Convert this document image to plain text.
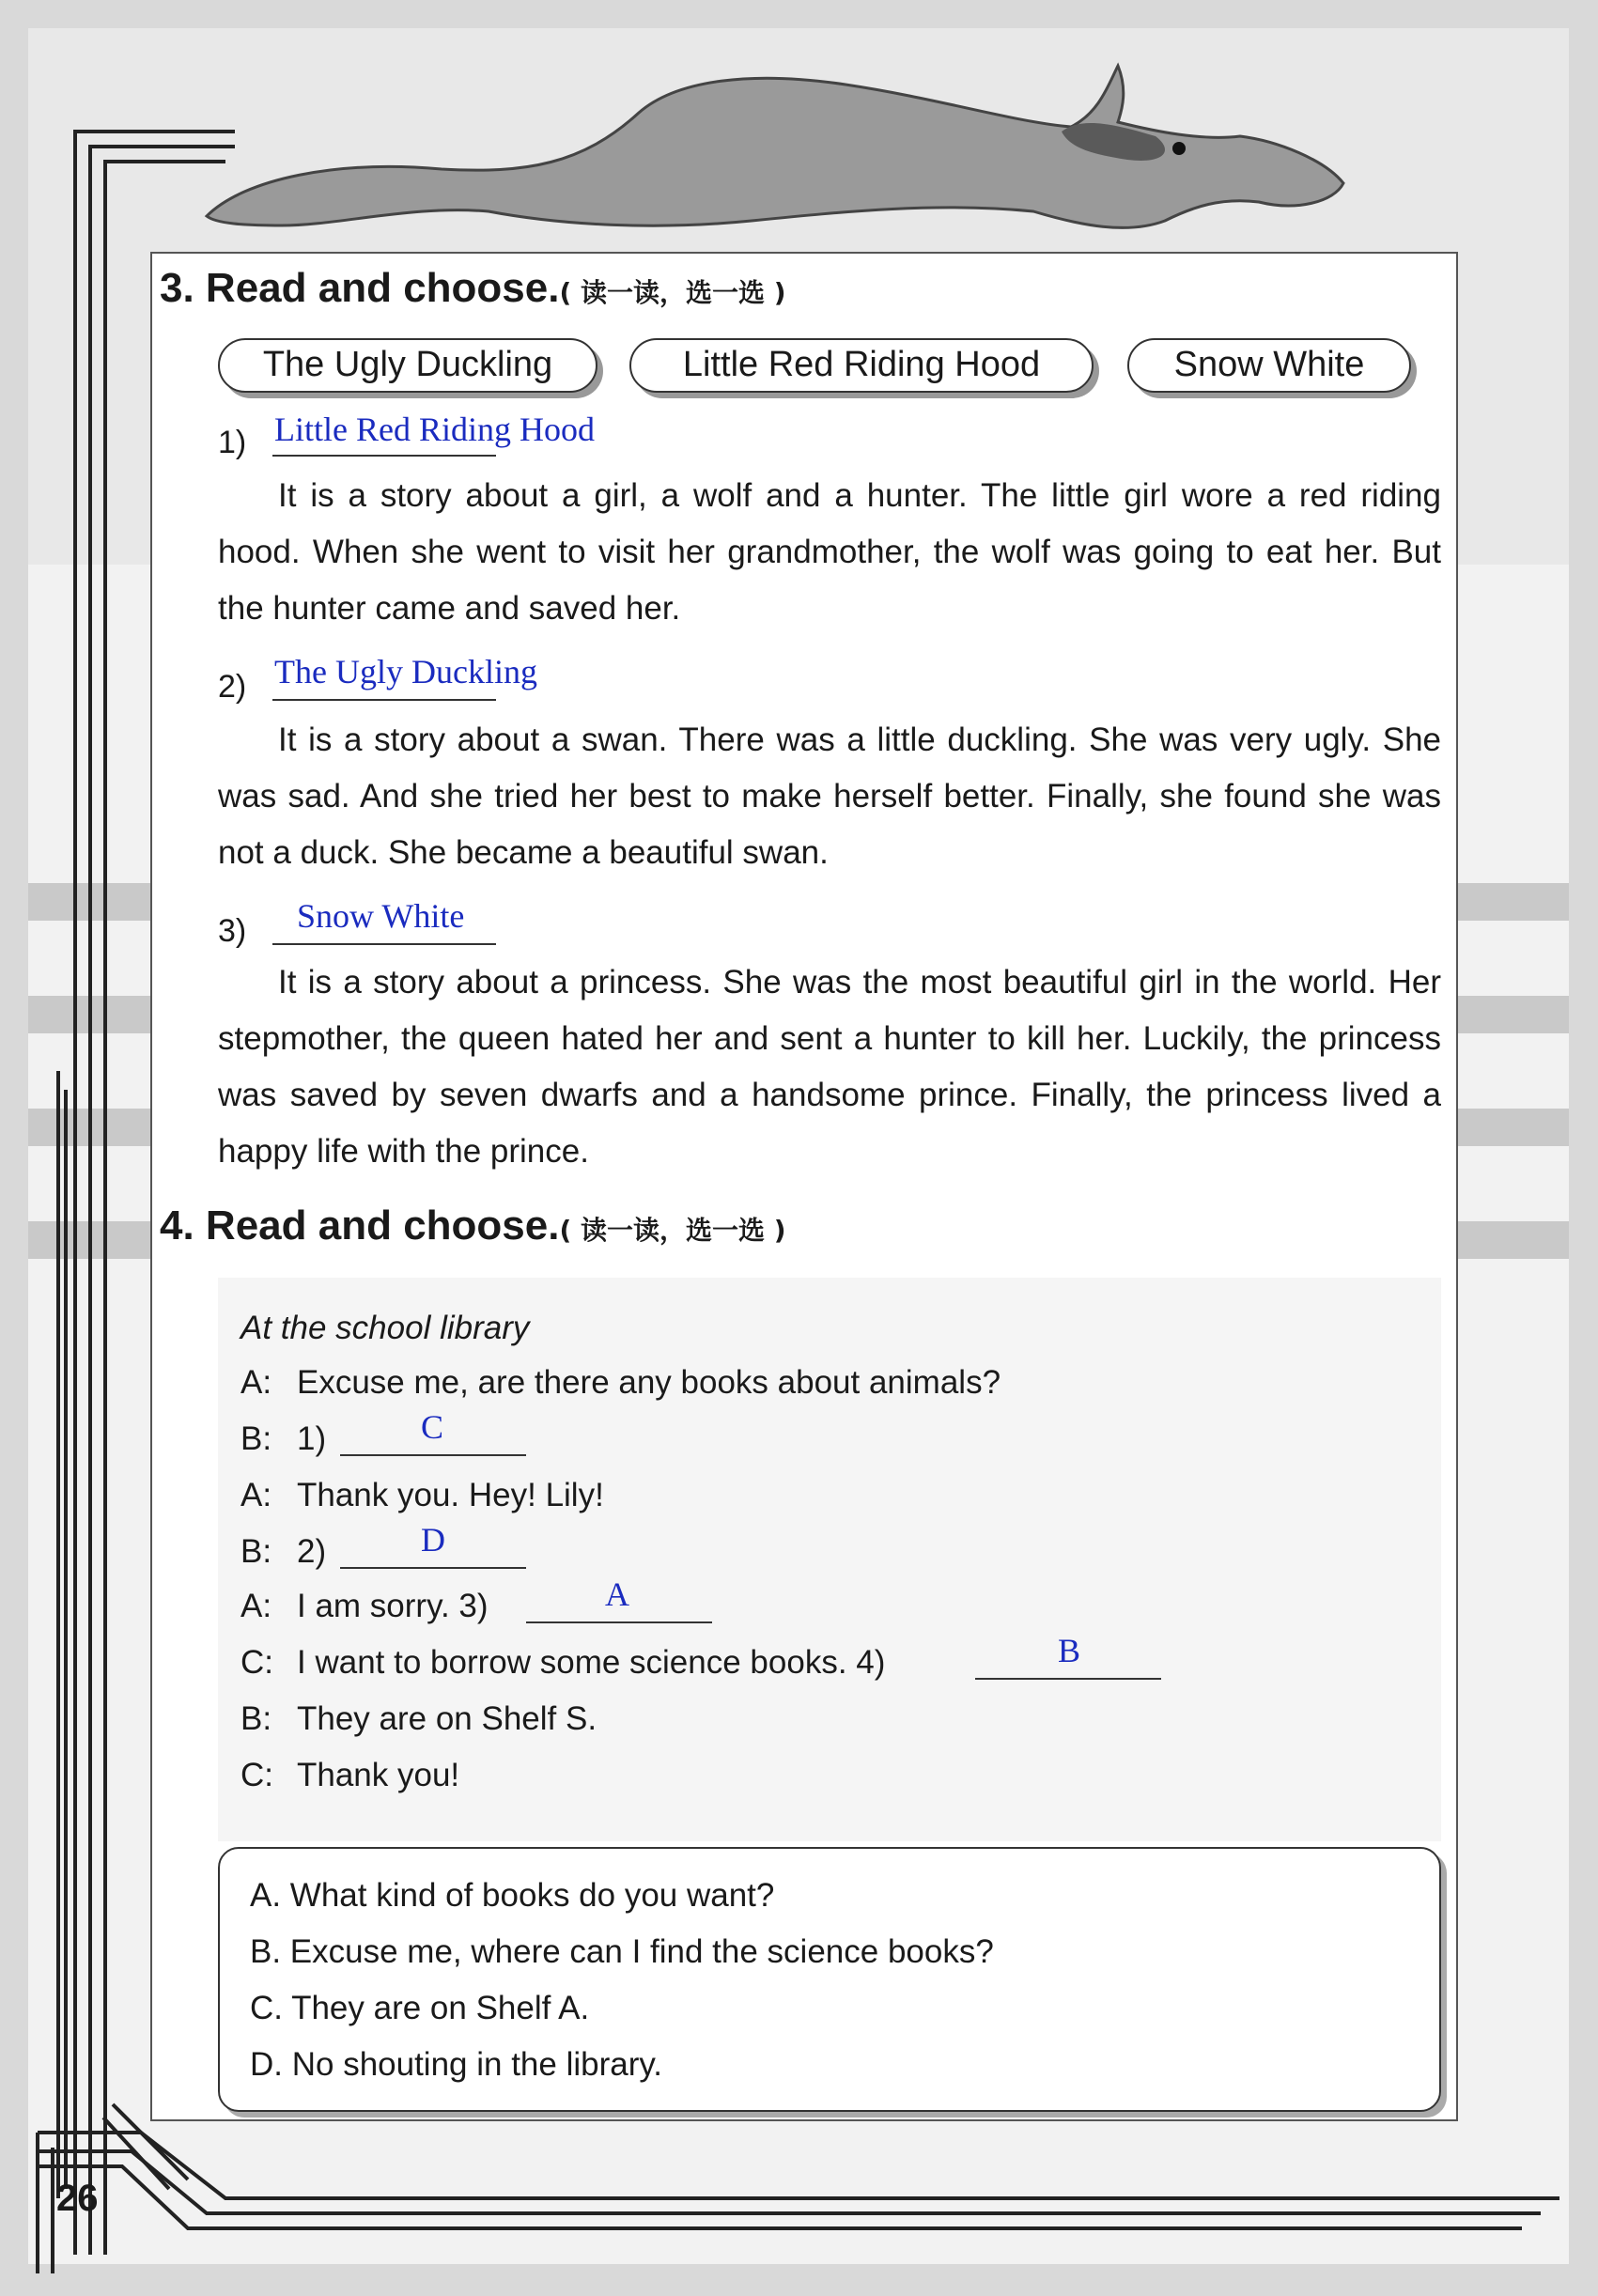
3. Read and choose.( 读一读，选一选 )
The Ugly Duckling	Little Red Riding Hood	Snow White
1) Little Red Riding Hood

It is a story about a girl, a wolf and a hunter. The little girl wore a red riding hood. When she went to visit her grandmother, the wolf was going to eat her. But the hunter came and saved her.

2) The Ugly Duckling

It is a story about a swan. There was a little duckling. She was very ugly. She was sad. And she tried her best to make herself better. Finally, she found she was not a duck. She became a beautiful swan.

3) Snow White

It is a story about a princess. She was the most beautiful girl in the world. Her stepmother, the queen hated her and sent a hunter to kill her. Luckily, the princess was saved by seven dwarfs and a handsome prince. Finally, the princess lived a happy life with the prince.

4. Read and choose.( 读一读，选一选 )
At the school library
A: Excuse me, are there any books about animals?
B: 1)	C
A: Thank you. Hey! Lily!
B: 2)	D
A: I am sorry. 3)	A
C: I want to borrow some science books. 4)	B
B: They are on Shelf S.
C: Thank you!
A. What kind of books do you want?
B. Excuse me, where can I find the science books?
C. They are on Shelf A.
D. No shouting in the library.
26
